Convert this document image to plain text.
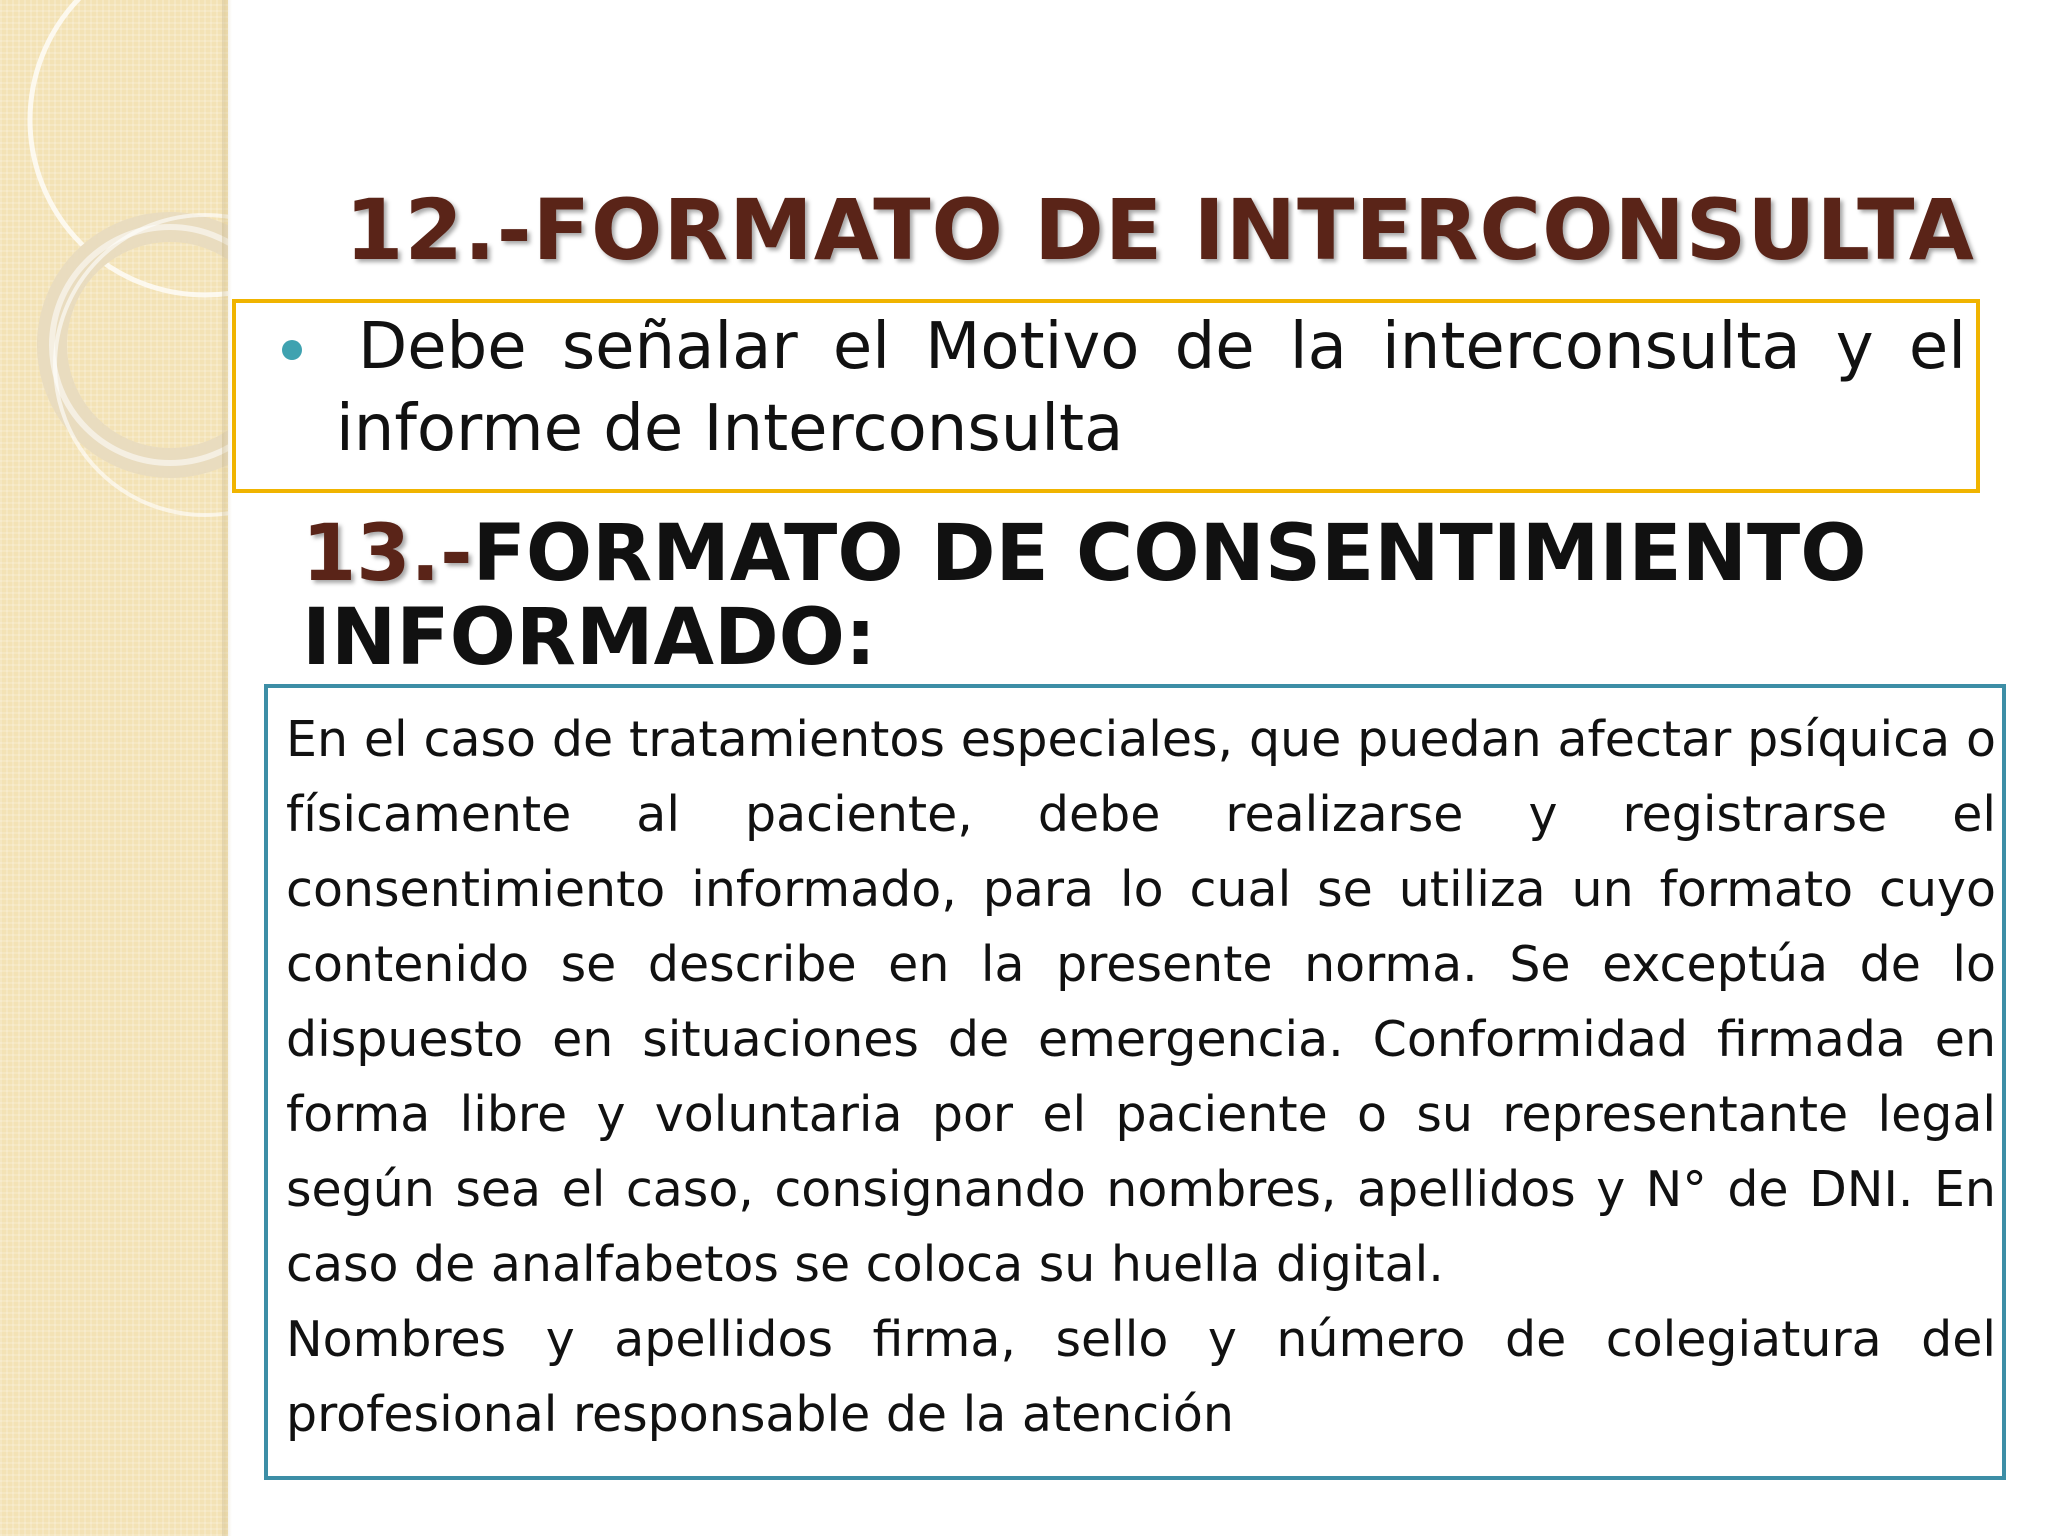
12.-FORMATO DE INTERCONSULTA
Debe señalar el Motivo de la interconsulta y el informe de Interconsulta
13.-FORMATO DE CONSENTIMIENTO INFORMADO:

En el caso de tratamientos especiales, que puedan afectar psíquica o físicamente al paciente, debe realizarse y registrarse el consentimiento informado, para lo cual se utiliza un formato cuyo contenido se describe en la presente norma. Se exceptúa de lo dispuesto en situaciones de emergencia. Conformidad firmada en forma libre y voluntaria por el paciente o su representante legal según sea el caso, consignando nombres, apellidos y N° de DNI. En caso de analfabetos se coloca su huella digital.

Nombres y apellidos firma, sello y número de colegiatura del profesional responsable de la atención
